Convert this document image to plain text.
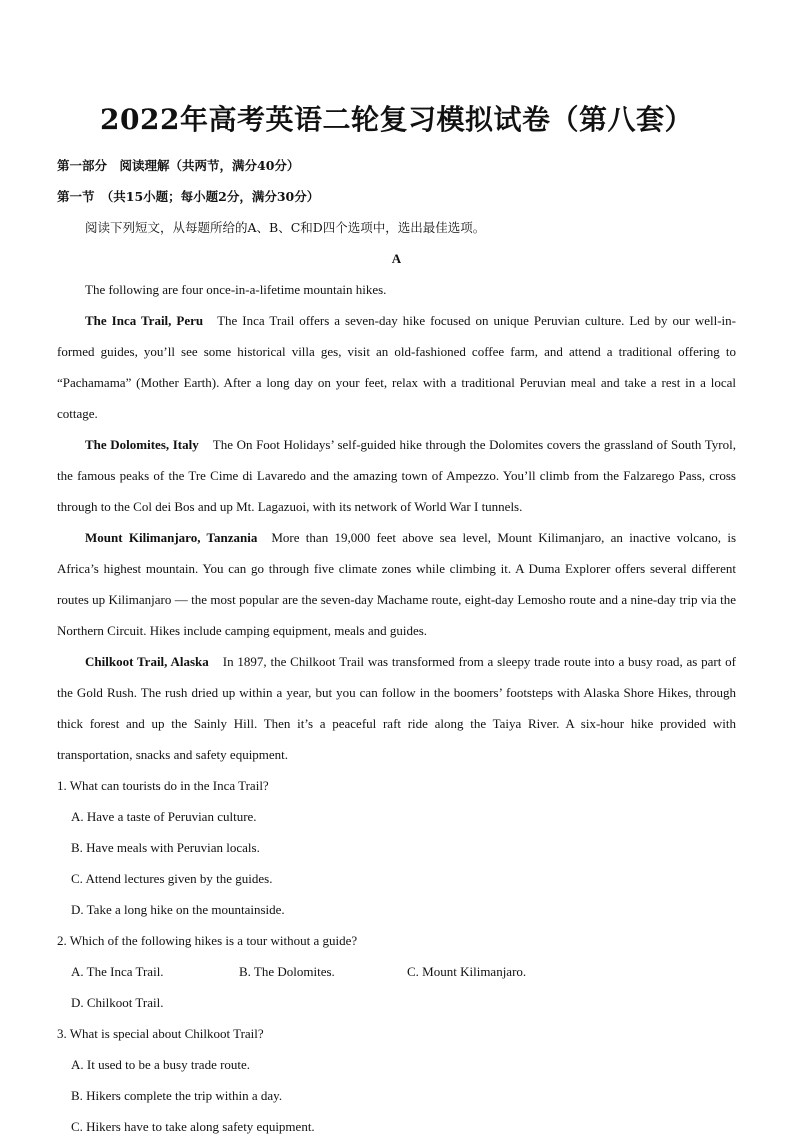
2022年高考英语二轮复习模拟试卷（第八套）
第一部分　阅读理解（共两节，满分40分）
第一节　（共15小题；每小题2分，满分30分）
阅读下列短文，从每题所给的A、B、C和D四个选项中，选出最佳选项。
A

The following are four once-in-a-lifetime mountain hikes.

The Inca Trail, Peru The Inca Trail offers a seven-day hike focused on unique Peruvian culture. Led by our well-in-formed guides, you’ll see some historical villa ges, visit an old-fashioned coffee farm, and attend a traditional offering to “Pachamama” (Mother Earth). After a long day on your feet, relax with a traditional Peruvian meal and take a rest in a local cottage.

The Dolomites, Italy The On Foot Holidays’ self-guided hike through the Dolomites covers the grassland of South Tyrol, the famous peaks of the Tre Cime di Lavaredo and the amazing town of Ampezzo. You’ll climb from the Falzarego Pass, cross through to the Col dei Bos and up Mt. Lagazuoi, with its network of World War I tunnels.

Mount Kilimanjaro, Tanzania More than 19,000 feet above sea level, Mount Kilimanjaro, an inactive volcano, is Africa’s highest mountain. You can go through five climate zones while climbing it. A Duma Explorer offers several different routes up Kilimanjaro — the most popular are the seven-day Machame route, eight-day Lemosho route and a nine-day trip via the Northern Circuit. Hikes include camping equipment, meals and guides.

Chilkoot Trail, Alaska In 1897, the Chilkoot Trail was transformed from a sleepy trade route into a busy road, as part of the Gold Rush. The rush dried up within a year, but you can follow in the boomers’ footsteps with Alaska Shore Hikes, through thick forest and up the Sainly Hill. Then it’s a peaceful raft ride along the Taiya River. A six-hour hike provided with transportation, snacks and safety equipment.

1. What can tourists do in the Inca Trail?
A. Have a taste of Peruvian culture.
B. Have meals with Peruvian locals.
C. Attend lectures given by the guides.
D. Take a long hike on the mountainside.
2. Which of the following hikes is a tour without a guide?
A. The Inca Trail.	B. The Dolomites.	C. Mount Kilimanjaro.
D. Chilkoot Trail.
3. What is special about Chilkoot Trail?
A. It used to be a busy trade route.
B. Hikers complete the trip within a day.
C. Hikers have to take along safety equipment.
